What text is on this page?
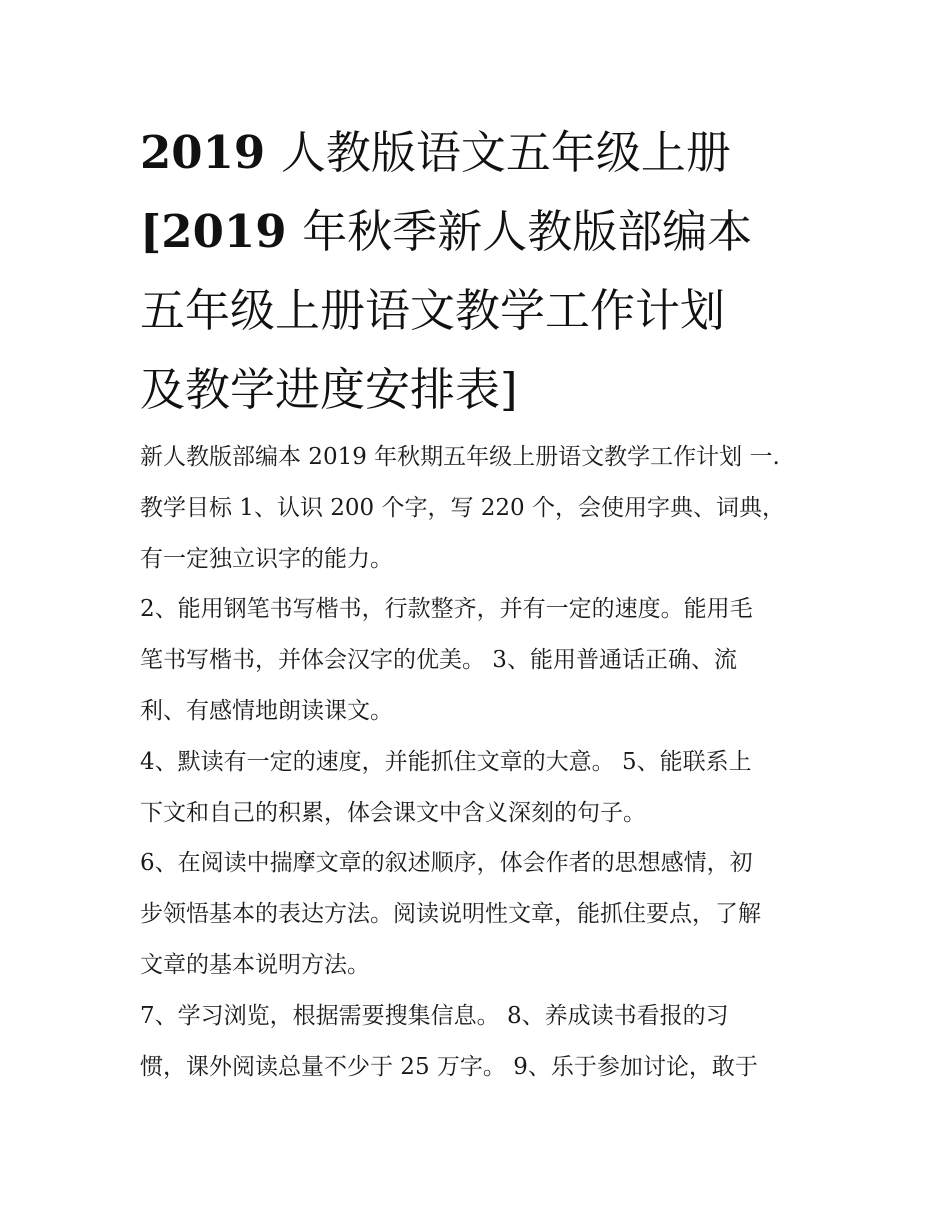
2019 人教版语文五年级上册
[2019 年秋季新人教版部编本
五年级上册语文教学工作计划
及教学进度安排表]
新人教版部编本 2019 年秋期五年级上册语文教学工作计划 一.
教学目标 1、认识 200 个字，写 220 个，会使用字典、词典，
有一定独立识字的能力。
2、能用钢笔书写楷书，行款整齐，并有一定的速度。能用毛
笔书写楷书，并体会汉字的优美。 3、能用普通话正确、流
利、有感情地朗读课文。
4、默读有一定的速度，并能抓住文章的大意。 5、能联系上
下文和自己的积累，体会课文中含义深刻的句子。
6、在阅读中揣摩文章的叙述顺序，体会作者的思想感情，初
步领悟基本的表达方法。阅读说明性文章，能抓住要点，了解
文章的基本说明方法。
7、学习浏览，根据需要搜集信息。 8、养成读书看报的习
惯，课外阅读总量不少于 25 万字。 9、乐于参加讨论，敢于
